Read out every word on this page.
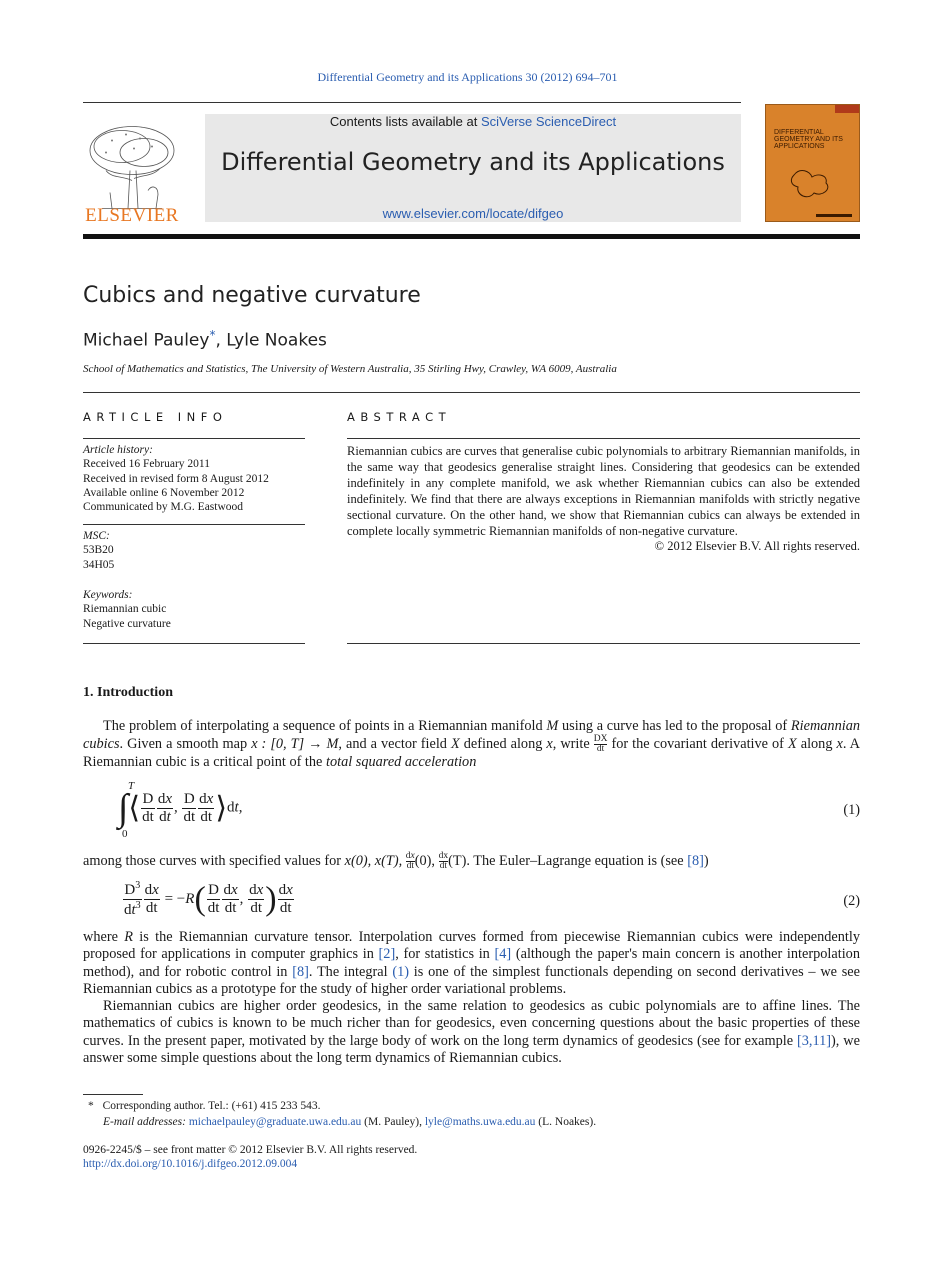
Differential Geometry and its Applications 30 (2012) 694–701
ELSEVIER
Contents lists available at SciVerse ScienceDirect
Differential Geometry and its Applications
www.elsevier.com/locate/difgeo
DIFFERENTIAL GEOMETRY AND ITS APPLICATIONS
Cubics and negative curvature
Michael Pauley*, Lyle Noakes
School of Mathematics and Statistics, The University of Western Australia, 35 Stirling Hwy, Crawley, WA 6009, Australia
ARTICLE INFO
Article history:
Received 16 February 2011
Received in revised form 8 August 2012
Available online 6 November 2012
Communicated by M.G. Eastwood
MSC:
53B20
34H05
Keywords:
Riemannian cubic
Negative curvature
ABSTRACT
Riemannian cubics are curves that generalise cubic polynomials to arbitrary Riemannian manifolds, in the same way that geodesics generalise straight lines. Considering that geodesics can be extended indefinitely in any complete manifold, we ask whether Riemannian cubics can also be extended indefinitely. We find that there are always exceptions in Riemannian manifolds with strictly negative sectional curvature. On the other hand, we show that Riemannian cubics can always be extended in complete locally symmetric Riemannian manifolds of non-negative curvature.
© 2012 Elsevier B.V. All rights reserved.
1. Introduction
The problem of interpolating a sequence of points in a Riemannian manifold M using a curve has led to the proposal of Riemannian cubics. Given a smooth map x : [0, T] → M, and a vector field X defined along x, write $\frac{DX}{dt}$ for the covariant derivative of X along x. A Riemannian cubic is a critical point of the total squared acceleration
T
0
∫⟨ $\frac{D}{dt} \frac{dx}{dt}$ , $\frac{D}{dt} \frac{dx}{dt}$ ⟩dt,	(1)
among those curves with specified values for x(0), x(T), $\frac{dx}{dt} (0)$, $\frac{dx}{dt} (T)$. The Euler–Lagrange equation is (see [8])
$\frac{D^3}{dt^3} \frac{dx}{dt} = -R( \frac{D}{dt} \frac{dx}{dt}$ , $\frac{dx}{dt}$ ) $\frac{dx}{dt}$	(2)
where R is the Riemannian curvature tensor. Interpolation curves formed from piecewise Riemannian cubics were independently proposed for applications in computer graphics in [2], for statistics in [4] (although the paper's main concern is another interpolation method), and for robotic control in [8]. The integral (1) is one of the simplest functionals depending on second derivatives – we see Riemannian cubics as a prototype for the study of higher order variational problems.
Riemannian cubics are higher order geodesics, in the same relation to geodesics as cubic polynomials are to affine lines. The mathematics of cubics is known to be much richer than for geodesics, even concerning questions about the basic properties of these curves. In the present paper, motivated by the large body of work on the long term dynamics of geodesics (see for example [3,11]), we answer some simple questions about the long term dynamics of Riemannian cubics.
* Corresponding author. Tel.: (+61) 415 233 543.
E-mail addresses: michaelpauley@graduate.uwa.edu.au (M. Pauley), lyle@maths.uwa.edu.au (L. Noakes).
0926-2245/$ – see front matter © 2012 Elsevier B.V. All rights reserved.
http://dx.doi.org/10.1016/j.difgeo.2012.09.004
